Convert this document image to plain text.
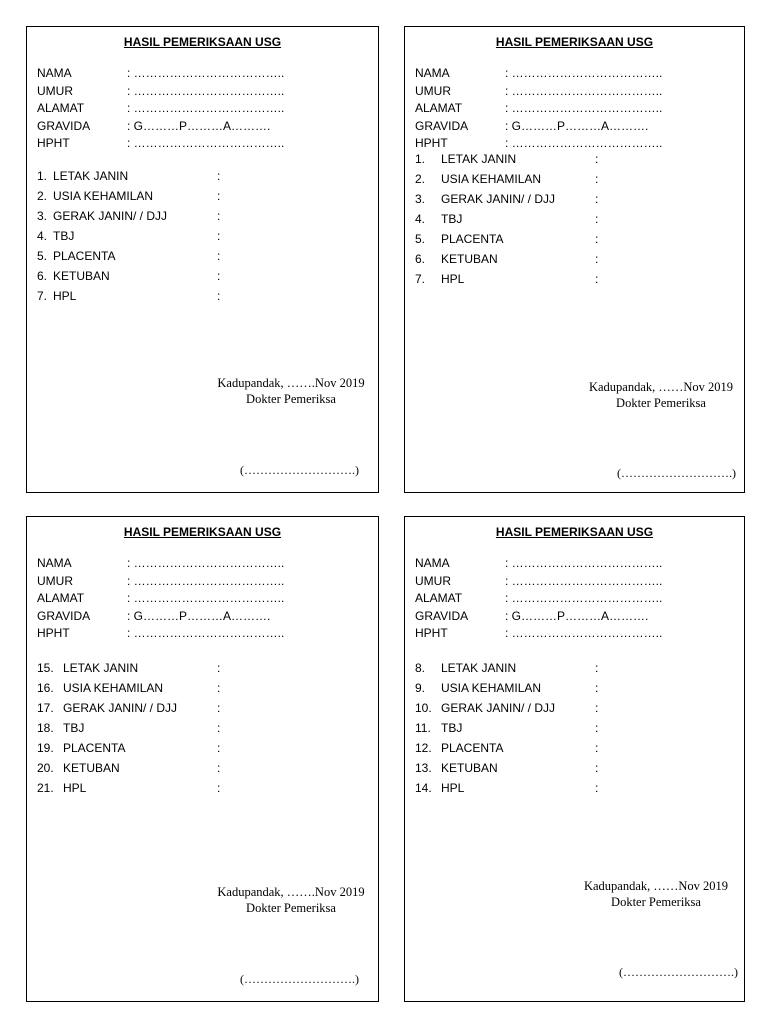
HASIL PEMERIKSAAN USG
NAMA	: ………………………………..
UMUR	: ………………………………..
ALAMAT	: ………………………………..
GRAVIDA	: G………P………A……….
HPHT	: ………………………………..
1. LETAK JANIN	:
2. USIA KEHAMILAN	:
3. GERAK JANIN/ / DJJ	:
4. TBJ	:
5. PLACENTA	:
6. KETUBAN	:
7. HPL	:
Kadupandak, …….Nov 2019
Dokter Pemeriksa
(……………………….)
HASIL PEMERIKSAAN USG
NAMA	: ………………………………..
UMUR	: ………………………………..
ALAMAT	: ………………………………..
GRAVIDA	: G………P………A……….
HPHT	: ………………………………..
1.	LETAK JANIN	:
2.	USIA KEHAMILAN	:
3.	GERAK JANIN/ / DJJ	:
4.	TBJ	:
5.	PLACENTA	:
6.	KETUBAN	:
7.	HPL	:
Kadupandak, ……Nov 2019
Dokter Pemeriksa
(……………………….)
HASIL PEMERIKSAAN USG
NAMA	: ………………………………..
UMUR	: ………………………………..
ALAMAT	: ………………………………..
GRAVIDA	: G………P………A……….
HPHT	: ………………………………..
15. LETAK JANIN	:
16. USIA KEHAMILAN	:
17. GERAK JANIN/ / DJJ	:
18. TBJ	:
19. PLACENTA	:
20. KETUBAN	:
21. HPL	:
Kadupandak, …….Nov 2019
Dokter Pemeriksa
(……………………….)
HASIL PEMERIKSAAN USG
NAMA	: ………………………………..
UMUR	: ………………………………..
ALAMAT	: ………………………………..
GRAVIDA	: G………P………A……….
HPHT	: ………………………………..
8.	LETAK JANIN	:
9.	USIA KEHAMILAN	:
10. GERAK JANIN/ / DJJ	:
11. TBJ	:
12. PLACENTA	:
13. KETUBAN	:
14. HPL	:
Kadupandak, ……Nov 2019
Dokter Pemeriksa
(……………………….)
